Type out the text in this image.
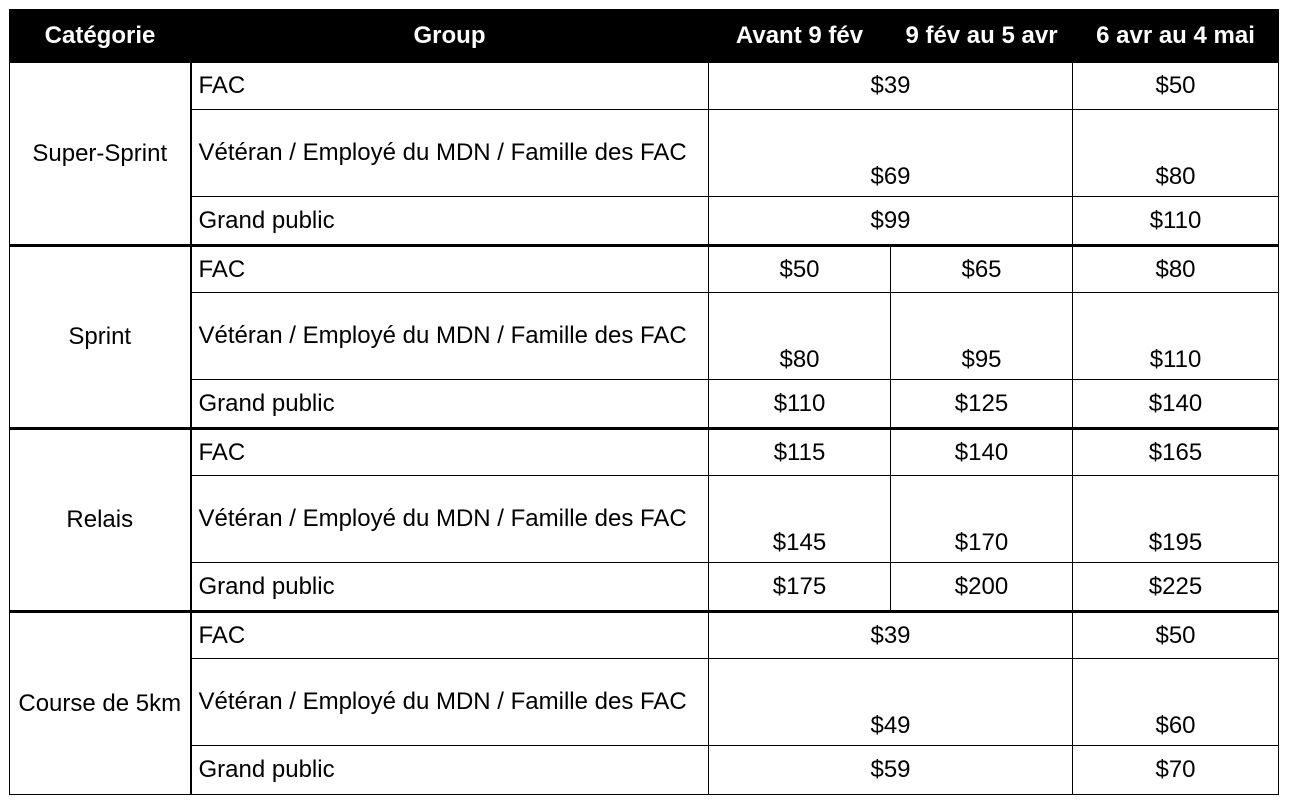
Catégorie	Group	Avant 9 fév	9 fév au 5 avr	6 avr au 4 mai
Super-Sprint	FAC	$39		$50
	Vétéran / Employé du MDN / Famille des FAC	$69		$80
	Grand public	$99		$110
Sprint	FAC	$50	$65	$80
	Vétéran / Employé du MDN / Famille des FAC	$80	$95	$110
	Grand public	$110	$125	$140
Relais	FAC	$115	$140	$165
	Vétéran / Employé du MDN / Famille des FAC	$145	$170	$195
	Grand public	$175	$200	$225
Course de 5km	FAC	$39		$50
	Vétéran / Employé du MDN / Famille des FAC	$49		$60
	Grand public	$59		$70
